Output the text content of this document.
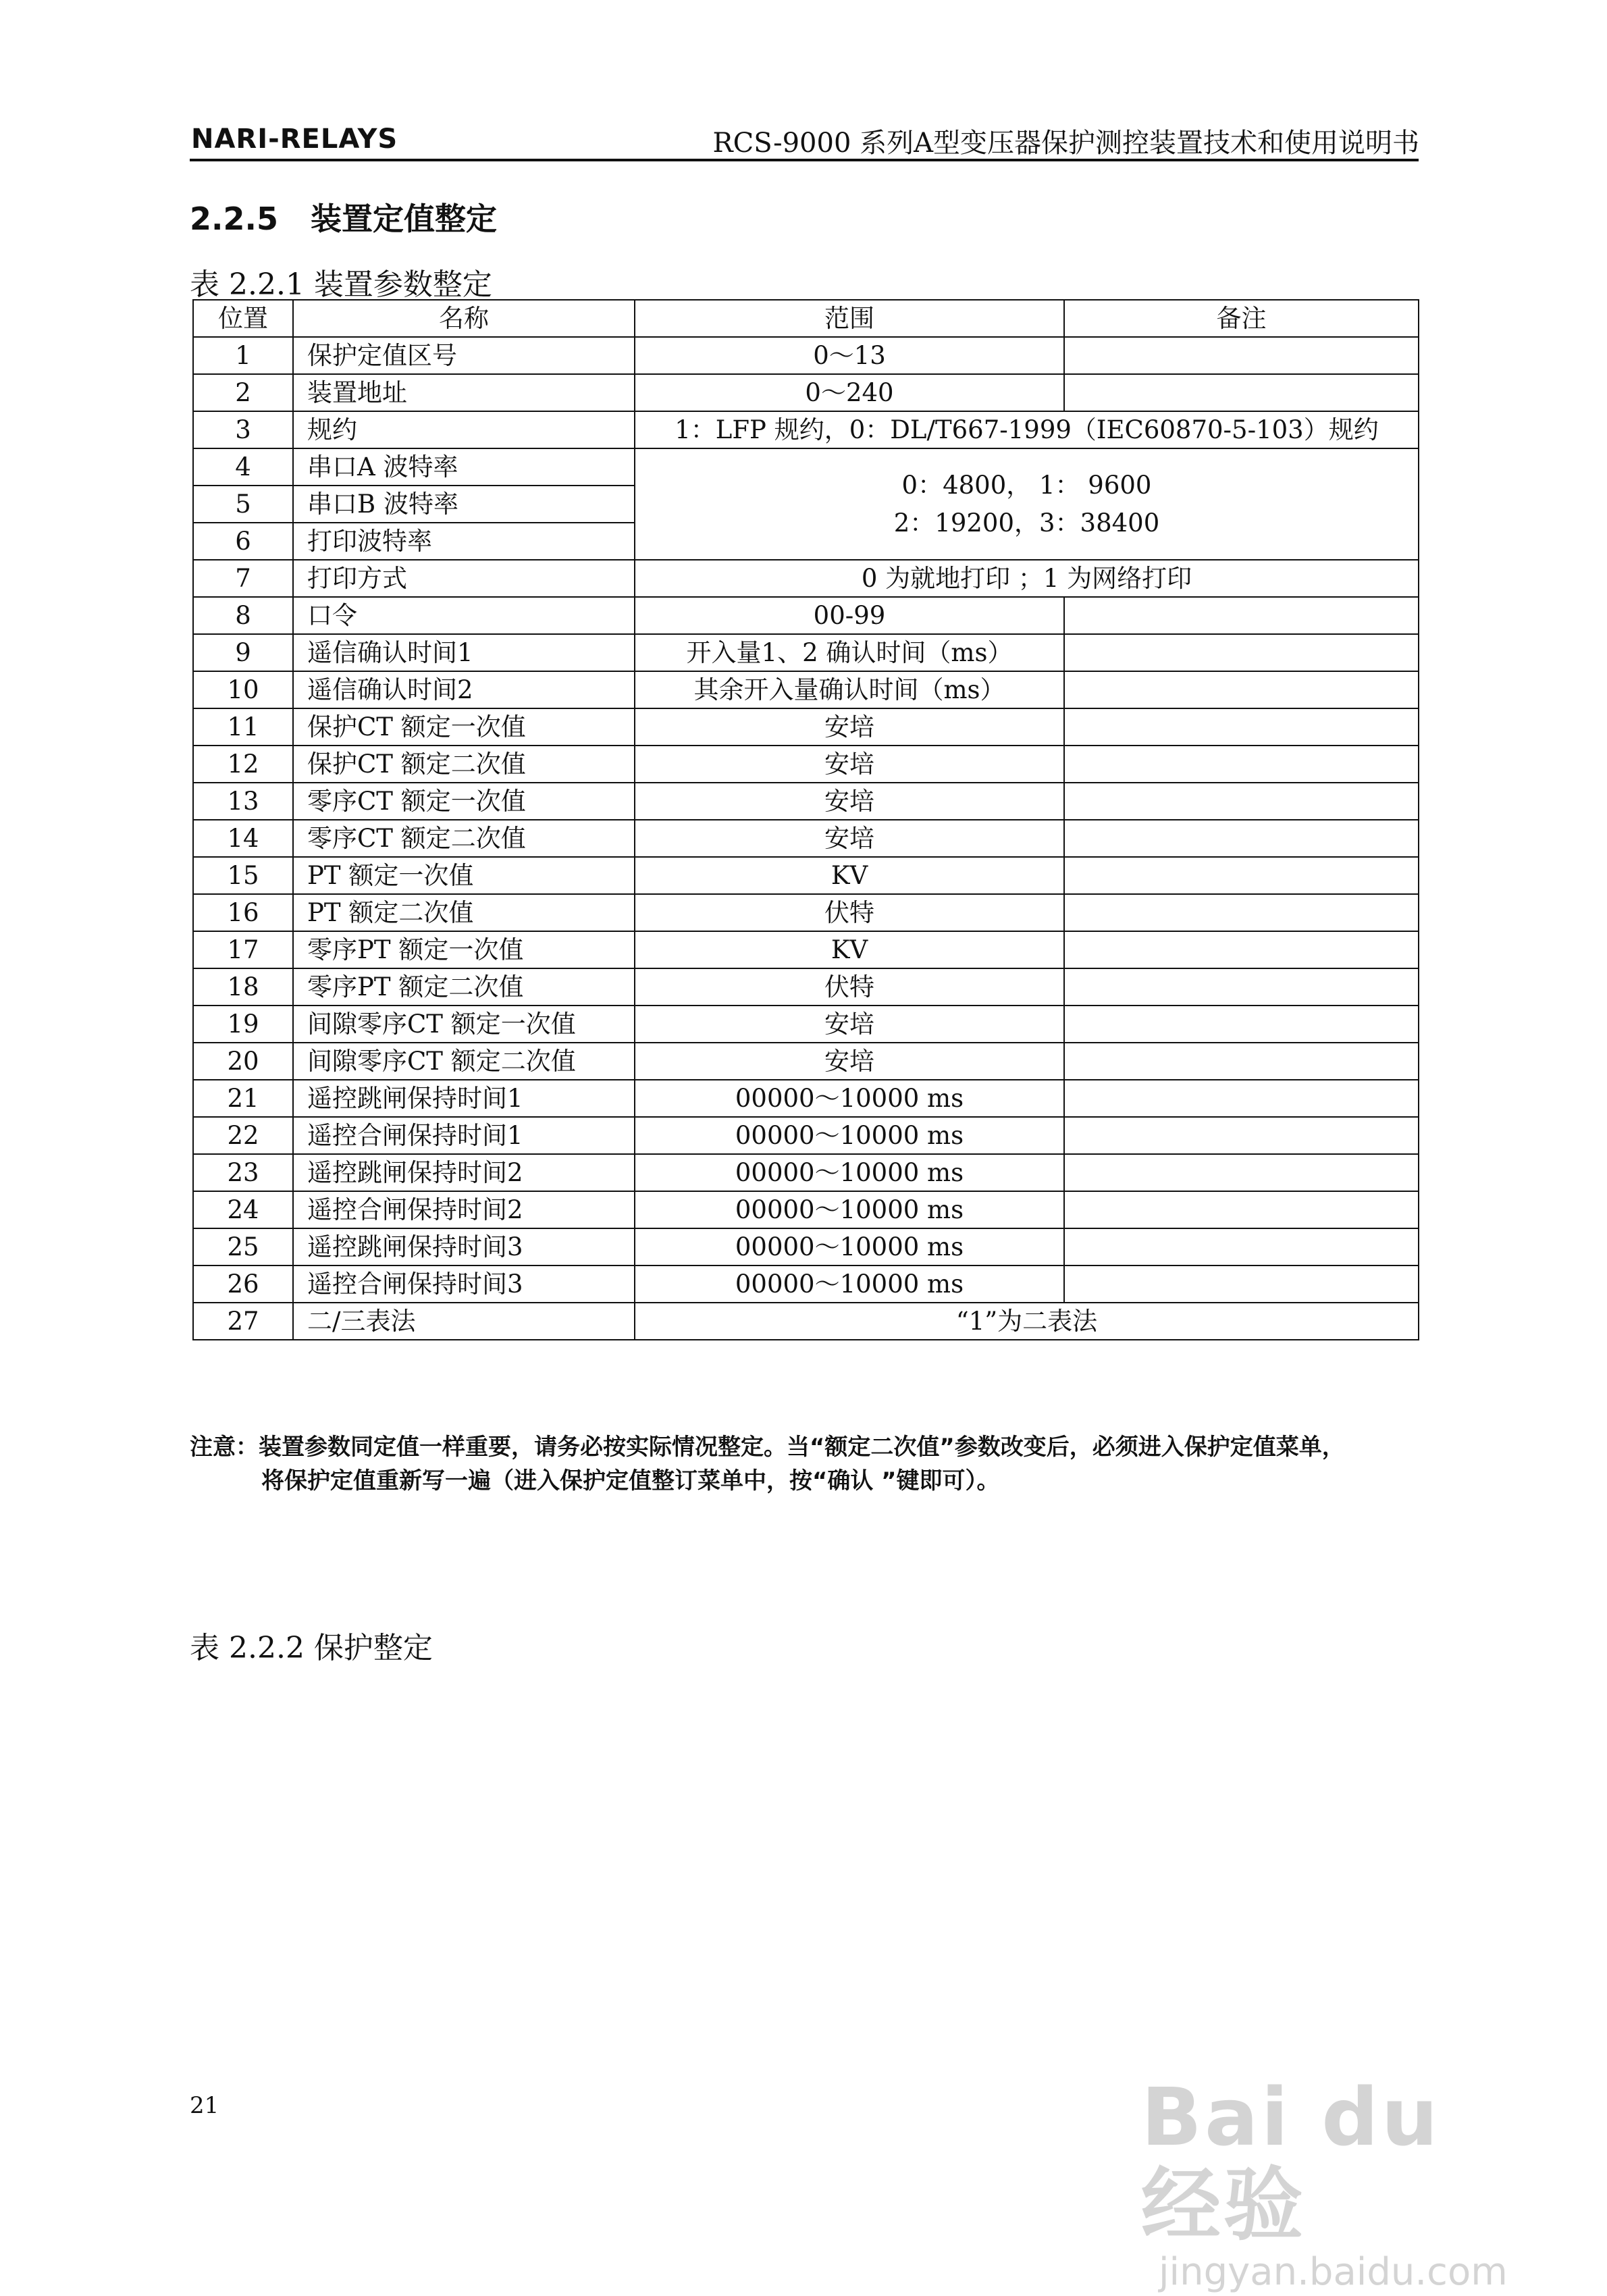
NARI-RELAYS	RCS-9000 系列A型变压器保护测控装置技术和使用说明书
2.2.5 装置定值整定
表 2.2.1 装置参数整定
位置	名称	范围	备注
1	保护定值区号	0～13	
2	装置地址	0～240	
3	规约	1：LFP 规约，0：DL/T667-1999（IEC60870-5-103）规约	
4	串口A 波特率	0：4800， 1： 9600
2：19200，3：38400	

5	串口B 波特率		
6	打印波特率		
7	打印方式	0 为就地打印 ；1 为网络打印	
8	口令	00-99	
9	遥信确认时间1	开入量1、2 确认时间（ms）	
10	遥信确认时间2	其余开入量确认时间（ms）	
11	保护CT 额定一次值	安培	
12	保护CT 额定二次值	安培	
13	零序CT 额定一次值	安培	
14	零序CT 额定二次值	安培	
15	PT 额定一次值	KV	
16	PT 额定二次值	伏特	
17	零序PT 额定一次值	KV	
18	零序PT 额定二次值	伏特	
19	间隙零序CT 额定一次值	安培	
20	间隙零序CT 额定二次值	安培	
21	遥控跳闸保持时间1	00000～10000 ms	
22	遥控合闸保持时间1	00000～10000 ms	
23	遥控跳闸保持时间2	00000～10000 ms	
24	遥控合闸保持时间2	00000～10000 ms	
25	遥控跳闸保持时间3	00000～10000 ms	
26	遥控合闸保持时间3	00000～10000 ms	
27	二/三表法	“1”为二表法	
注意：装置参数同定值一样重要，请务必按实际情况整定。当“额定二次值”参数改变后，必须进入保护定值菜单，
将保护定值重新写一遍（进入保护定值整订菜单中，按“确认 ”键即可）。
表 2.2.2 保护整定
21	Bai du 经验
jingyan.baidu.com
